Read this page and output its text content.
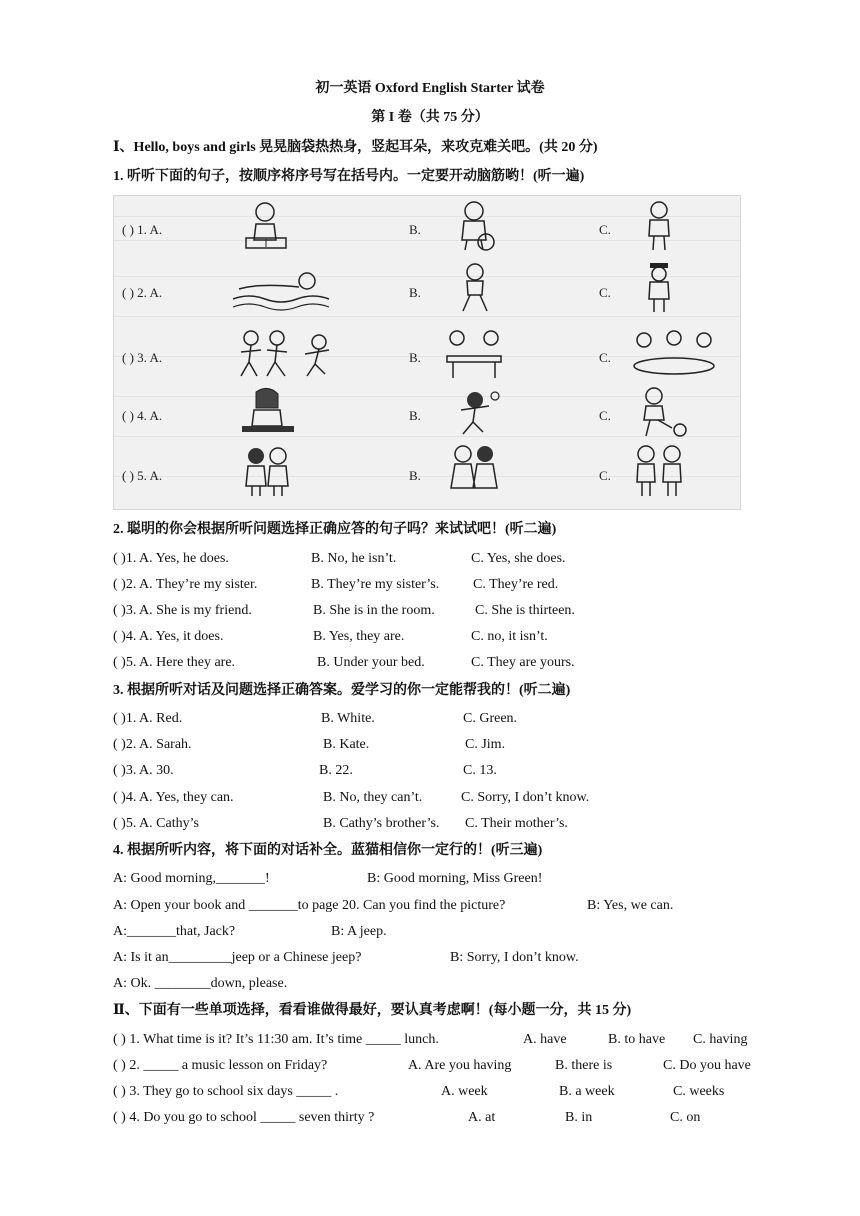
初一英语 Oxford English Starter 试卷
第 I 卷（共 75 分）
Ⅰ、Hello, boys and girls 晃晃脑袋热热身，竖起耳朵，来攻克难关吧。(共 20 分)
1. 听听下面的句子，按顺序将序号写在括号内。一定要开动脑筋哟！(听一遍)
( ) 1. A.	B.	C.
( ) 2. A.	B.	C.
( ) 3. A.	B.	C.
( ) 4. A.	B.	C.
( ) 5. A.	B.	C.
2. 聪明的你会根据所听问题选择正确应答的句子吗？来试试吧！(听二遍)
( )1. A. Yes, he does.	B. No, he isn’t.	C. Yes, she does.
( )2. A. They’re my sister.	B. They’re my sister’s. C. They’re red.
( )3. A. She is my friend.	B. She is in the room.	C. She is thirteen.
( )4. A. Yes, it does.	B. Yes, they are.	C. no, it isn’t.
( )5. A. Here they are.	B. Under your bed.	C. They are yours.
3. 根据所听对话及问题选择正确答案。爱学习的你一定能帮我的！(听二遍)
( )1. A. Red.	B. White.	C. Green.
( )2. A. Sarah.	B. Kate.	C. Jim.
( )3. A. 30.	B. 22.	C. 13.
( )4. A. Yes, they can.	B. No, they can’t.	C. Sorry, I don’t know.
( )5. A. Cathy’s	B. Cathy’s brother’s. C. Their mother’s.
4. 根据所听内容，将下面的对话补全。蓝猫相信你一定行的！(听三遍)
A: Good morning,_______!	B: Good morning, Miss Green!
A: Open your book and _______to page 20. Can you find the picture?	B: Yes, we can.
A:_______that, Jack?	B: A jeep.
A: Is it an_________jeep or a Chinese jeep?	B: Sorry, I don’t know.
A: Ok. ________down, please.
Ⅱ、下面有一些单项选择，看看谁做得最好，要认真考虑啊！(每小题一分，共 15 分)
( ) 1. What time is it? It’s 11:30 am. It’s time _____ lunch.	A. have	B. to have C. having
( ) 2. _____ a music lesson on Friday?	A. Are you having	B. there is	C. Do you have
( ) 3. They go to school six days _____ .	A. week	B. a week	C. weeks
( ) 4. Do you go to school _____ seven thirty ?	A. at	B. in	C. on
